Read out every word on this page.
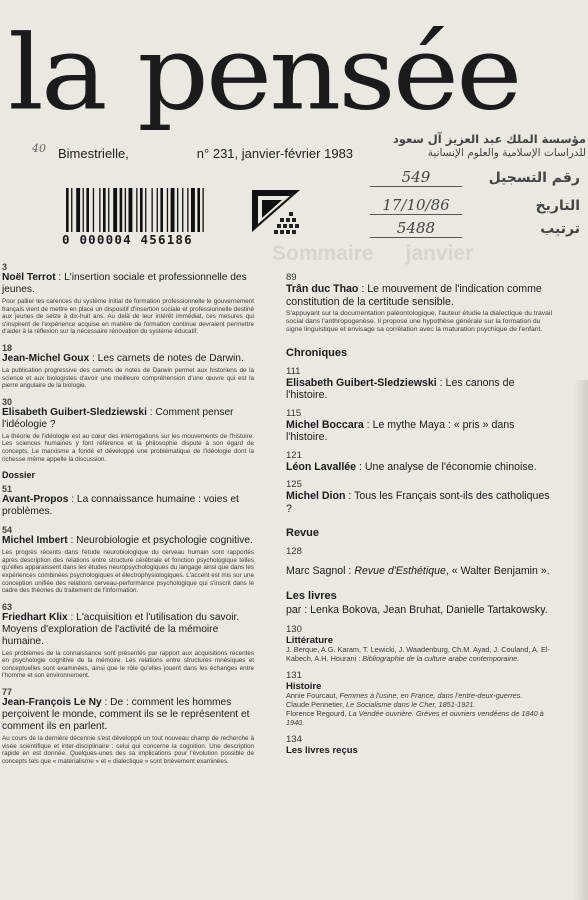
la pensée
40 Bimestrielle,	n° 231, janvier-février 1983
مؤسسة الملك عبد العزيز آل سعود
للدراسات الإسلامية والعلوم الإنسانية
رقم التسجيل
549
التاريخ
17/10/86
ترتيب
5488
0 000004 456186
Sommaire janvier
3
Noël Terrot : L'insertion sociale et professionnelle des jeunes.
Pour pallier les carences du système initial de formation professionnelle le gouvernement français vient de mettre en place un dispositif d'insertion sociale et professionnelle destiné aux jeunes de seize à dix-huit ans. Au delà de leur intérêt immédiat, ces mesures qui s'inspirent de l'expérience acquise en matière de formation continue devraient permettre d'aider à la réflexion sur la nécessaire rénovation du système éducatif.
18
Jean-Michel Goux : Les carnets de notes de Darwin.
La publication progressive des carnets de notes de Darwin permet aux historiens de la science et aux biologistes d'avoir une meilleure compréhension d'une œuvre qui est la pierre angulaire de la biologie.
30
Elisabeth Guibert-Sledziewski : Comment penser l'idéologie ?
La théorie de l'idéologie est au cœur des interrogations sur les mouvements de l'histoire. Les sciences humaines y font référence et la philosophie dispute à son égard de concepts. Le marxisme a fondé et développé une problématique de l'idéologie dont la richesse même appelle la discussion.
Dossier
51
Avant-Propos : La connaissance humaine : voies et problèmes.
54
Michel Imbert : Neurobiologie et psychologie cognitive.
Les progrès récents dans l'étude neurobiologique du cerveau humain sont rapportés après description des relations entre structure cérébrale et fonction psychologique telles qu'elles apparaissent dans les études neuropsychologiques du langage ainsi que dans les expériences combinées psychologiques et électrophysiologiques. L'accent est mis sur une conception unifiée des relations cerveau-performance psychologique qui s'inscrit dans le cadre des théories du traitement de l'information.
63
Friedhart Klix : L'acquisition et l'utilisation du savoir. Moyens d'exploration de l'activité de la mémoire humaine.
Les problèmes de la connaissance sont présentés par rapport aux acquisitions récentes en psychologie cognitive de la mémoire. Les relations entre structures mnésiques et conceptuelles sont examinées, ainsi que le rôle qu'elles jouent dans les échanges entre l'homme et son environnement.
77
Jean-François Le Ny : De : comment les hommes perçoivent le monde, comment ils se le représentent et comment ils en parlent.
Au cours de la dernière décennie s'est développé un tout nouveau champ de recherche à visée scientifique et inter-disciplinaire : celui qui concerne la cognition. Une description rapide en est donnée. Quelques-unes des sa implications pour l'évolution possible de concepts tels que « matérialisme » et « dialectique » sont brièvement examinées.
89
Trân duc Thao : Le mouvement de l'indication comme constitution de la certitude sensible.
S'appuyant sur la documentation paléontologique, l'auteur étudie la dialectique du travail social dans l'anthropogenèse. Il propose une hypothèse générale sur la formation du signe linguistique et envisage sa corrélation avec la maturation psychique de l'enfant.
Chroniques
111
Elisabeth Guibert-Sledziewski : Les canons de l'histoire.
115
Michel Boccara : Le mythe Maya : « pris » dans l'histoire.
121
Léon Lavallée : Une analyse de l'économie chinoise.
125
Michel Dion : Tous les Français sont-ils des catholiques ?
Revue
128
Marc Sagnol : Revue d'Esthétique, « Walter Benjamin ».
Les livres
par : Lenka Bokova, Jean Bruhat, Danielle Tartakowsky.
130
Littérature
J. Berque, A.G. Karam, T. Lewicki, J. Waadenburg, Ch.M. Ayad, J. Couland, A. El-Kabech, A.H. Hourani : Bibliographie de la culture arabe contemporaine.
131
Histoire
Annie Fourcaut, Femmes à l'usine, en France, dans l'entre-deux-guerres.
Claude Pennetier, Le Socialisme dans le Cher, 1851-1921.
Florence Regourd, La Vendée ouvrière. Grèves et ouvriers vendéens de 1840 à 1940.
134
Les livres reçus
